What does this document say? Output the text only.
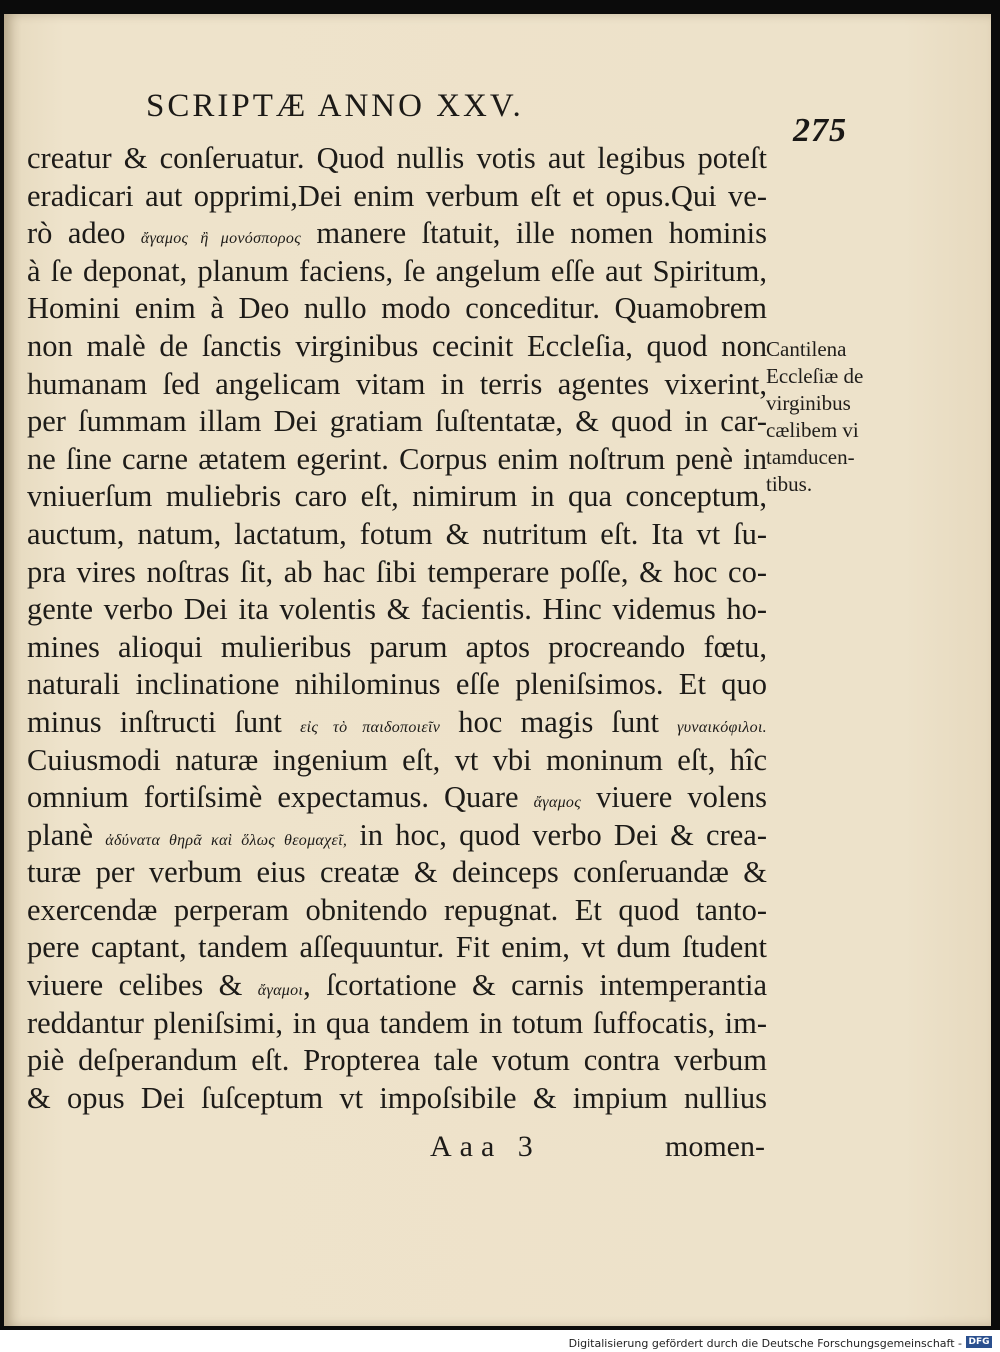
SCRIPTÆ ANNO XXV.
275
creatur & conſeruatur. Quod nullis votis aut legibus poteſt
eradicari aut opprimi,Dei enim verbum eſt et opus.Qui ve-
rò adeo ἄγαμος ἢ μονόσπορος manere ſtatuit, ille nomen hominis
à ſe deponat, planum faciens, ſe angelum eſſe aut Spiritum,
Homini enim à Deo nullo modo conceditur. Quamobrem
non malè de ſanctis virginibus cecinit Eccleſia, quod non
humanam ſed angelicam vitam in terris agentes vixerint,
per ſummam illam Dei gratiam ſuſtentatæ, & quod in car-
ne ſine carne ætatem egerint. Corpus enim noſtrum penè in
vniuerſum muliebris caro eſt, nimirum in qua conceptum,
auctum, natum, lactatum, fotum & nutritum eſt. Ita vt ſu-
pra vires noſtras ſit, ab hac ſibi temperare poſſe, & hoc co-
gente verbo Dei ita volentis & facientis. Hinc videmus ho-
mines alioqui mulieribus parum aptos procreando fœtu,
naturali inclinatione nihilominus eſſe pleniſsimos. Et quo
minus inſtructi ſunt εἰς τὸ παιδοποιεῖν hoc magis ſunt γυναικόφιλοι.
Cuiusmodi naturæ ingenium eſt, vt vbi moninum eſt, hîc
omnium fortiſsimè expectamus. Quare ἄγαμος viuere volens
planè ἀδύνατα θηρᾶ καὶ ὅλως θεομαχεῖ, in hoc, quod verbo Dei & crea-
turæ per verbum eius creatæ & deinceps conſeruandæ &
exercendæ perperam obnitendo repugnat. Et quod tanto-
pere captant, tandem aſſequuntur. Fit enim, vt dum ſtudent
viuere celibes & ἄγαμοι, ſcortatione & carnis intemperantia
reddantur pleniſsimi, in qua tandem in totum ſuffocatis, im-
piè deſperandum eſt. Propterea tale votum contra verbum
& opus Dei ſuſceptum vt impoſsibile & impium nullius
Cantilena
Eccleſiæ de
virginibus
cælibem vi
tamducen-
tibus.
Aaa 3	momen-
Digitalisierung gefördert durch die Deutsche Forschungsgemeinschaft - DFG
